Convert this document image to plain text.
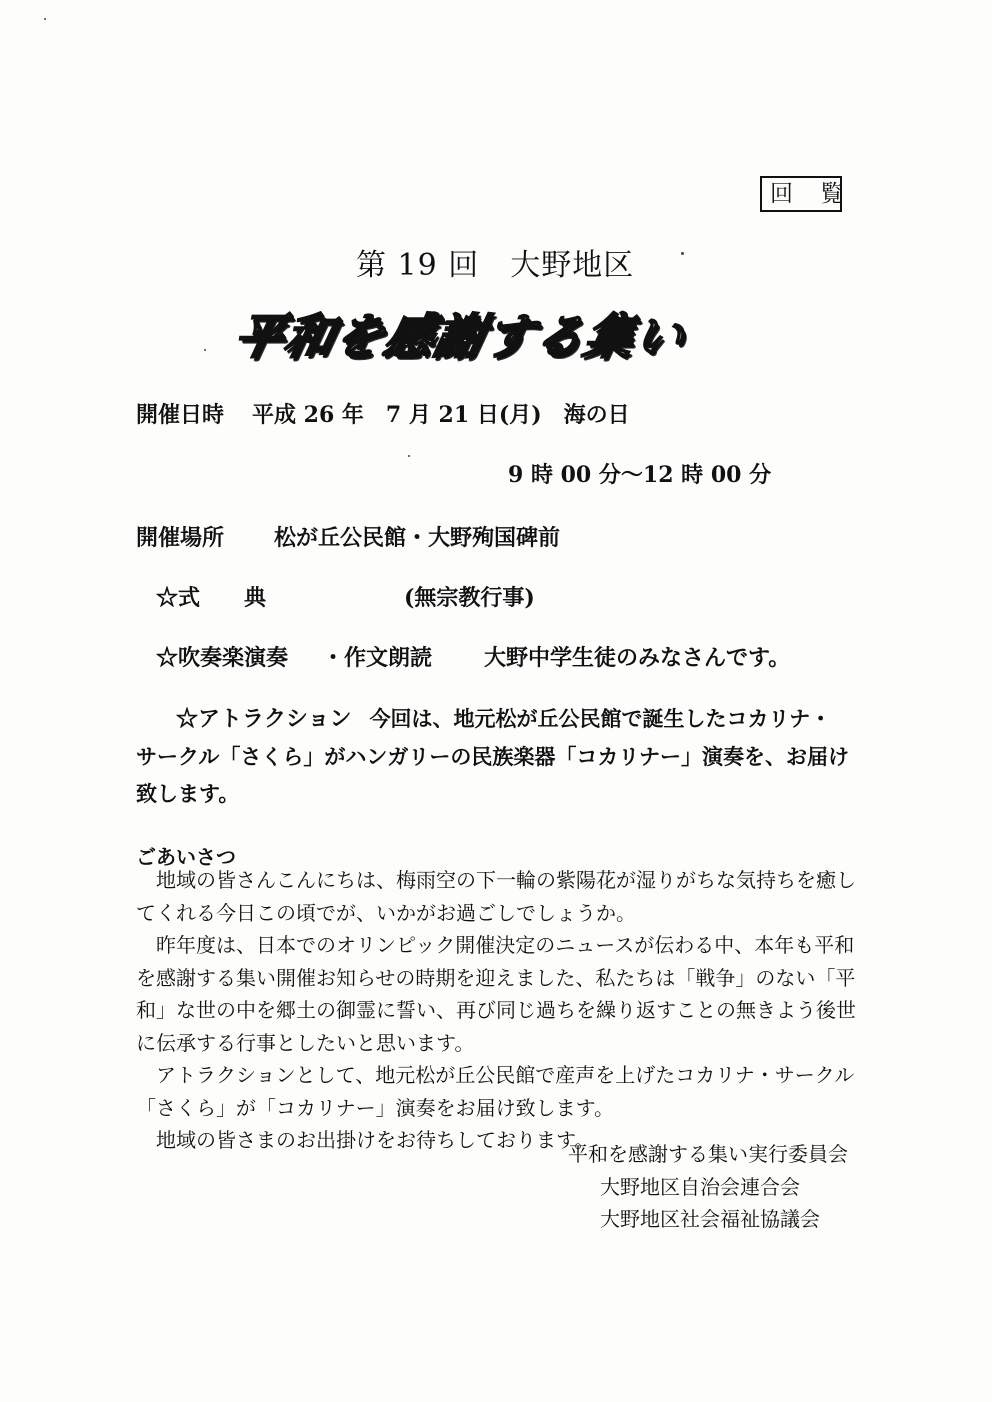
回 覧
第 19 回　大野地区
平和を感謝する集い
開催日時 平成 26 年　7 月 21 日(月)　海の日
9 時 00 分〜12 時 00 分
開催場所 松が丘公民館・大野殉国碑前
☆式　　典	(無宗教行事)
☆吹奏楽演奏 ・作文朗読 大野中学生徒のみなさんです。
☆アトラクション 今回は、地元松が丘公民館で誕生したコカリナ・サークル「さくら」がハンガリーの民族楽器「コカリナー」演奏を、お届け致します。
ごあいさつ

地域の皆さんこんにちは、梅雨空の下一輪の紫陽花が湿りがちな気持ちを癒してくれる今日この頃でが、いかがお過ごしでしょうか。

昨年度は、日本でのオリンピック開催決定のニュースが伝わる中、本年も平和を感謝する集い開催お知らせの時期を迎えました、私たちは「戦争」のない「平和」な世の中を郷土の御霊に誓い、再び同じ過ちを繰り返すことの無きよう後世に伝承する行事としたいと思います。

アトラクションとして、地元松が丘公民館で産声を上げたコカリナ・サークル「さくら」が「コカリナー」演奏をお届け致します。

地域の皆さまのお出掛けをお待ちしております。

平和を感謝する集い実行委員会
大野地区自治会連合会
大野地区社会福祉協議会
